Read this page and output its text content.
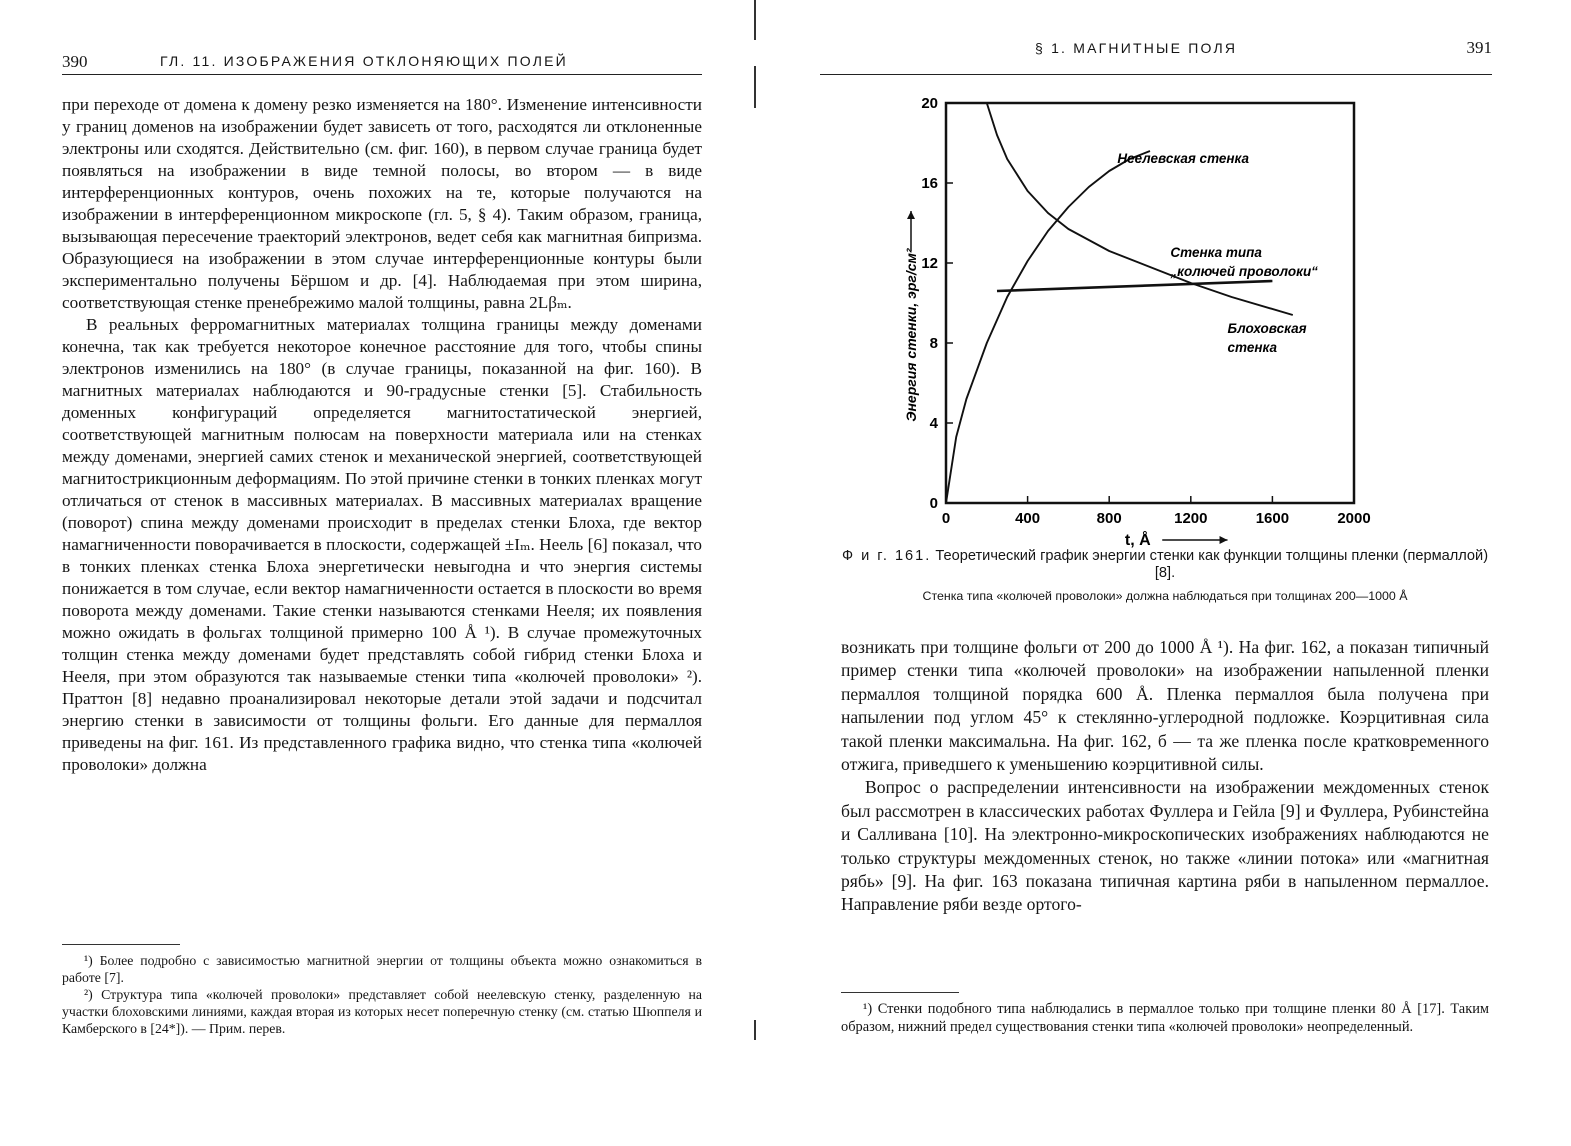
390	ГЛ. 11. ИЗОБРАЖЕНИЯ ОТКЛОНЯЮЩИХ ПОЛЕЙ

при переходе от домена к домену резко изменяется на 180°. Изменение интенсивности у границ доменов на изображении будет зависеть от того, расходятся ли отклоненные электроны или сходятся. Действительно (см. фиг. 160), в первом случае граница будет появляться на изображении в виде темной полосы, во втором — в виде интерференционных контуров, очень похожих на те, которые получаются на изображении в интерференционном микроскопе (гл. 5, § 4). Таким образом, граница, вызывающая пересечение траекторий электронов, ведет себя как магнитная бипризма. Образующиеся на изображении в этом случае интерференционные контуры были экспериментально получены Бёршом и др. [4]. Наблюдаемая при этом ширина, соответствующая стенке пренебрежимо малой толщины, равна 2Lβₘ.

В реальных ферромагнитных материалах толщина границы между доменами конечна, так как требуется некоторое конечное расстояние для того, чтобы спины электронов изменились на 180° (в случае границы, показанной на фиг. 160). В магнитных материалах наблюдаются и 90-градусные стенки [5]. Стабильность доменных конфигураций определяется магнитостатической энергией, соответствующей магнитным полюсам на поверхности материала или на стенках между доменами, энергией самих стенок и механической энергией, соответствующей магнитострикционным деформациям. По этой причине стенки в тонких пленках могут отличаться от стенок в массивных материалах. В массивных материалах вращение (поворот) спина между доменами происходит в пределах стенки Блоха, где вектор намагниченности поворачивается в плоскости, содержащей ±Iₘ. Неель [6] показал, что в тонких пленках стенка Блоха энергетически невыгодна и что энергия системы понижается в том случае, если вектор намагниченности остается в плоскости во время поворота между доменами. Такие стенки называются стенками Нееля; их появления можно ожидать в фольгах толщиной примерно 100 Å ¹). В случае промежуточных толщин стенка между доменами будет представлять собой гибрид стенки Блоха и Нееля, при этом образуются так называемые стенки типа «колючей проволоки» ²). Праттон [8] недавно проанализировал некоторые детали этой задачи и подсчитал энергию стенки в зависимости от толщины фольги. Его данные для пермаллоя приведены на фиг. 161. Из представленного графика видно, что стенка типа «колючей проволоки» должна

¹) Более подробно с зависимостью магнитной энергии от толщины объекта можно ознакомиться в работе [7].

²) Структура типа «колючей проволоки» представляет собой неелевскую стенку, разделенную на участки блоховскими линиями, каждая вторая из которых несет поперечную стенку (см. статью Шюппеля и Камберского в [24*]). — Прим. перев.

§ 1. МАГНИТНЫЕ ПОЛЯ	391
0	400	800	1200	1600	2000
0
4
8
12
16
20
t, Å
Энергия стенки, эрг/см²
Неелевская стенка
Стенка типа
„колючей проволоки“
Блоховская
стенка
Ф и г. 161. Теоретический график энергии стенки как функции толщины пленки (пермаллой) [8].
Стенка типа «колючей проволоки» должна наблюдаться при толщинах 200—1000 Å

возникать при толщине фольги от 200 до 1000 Å ¹). На фиг. 162, а показан типичный пример стенки типа «колючей проволоки» на изображении напыленной пленки пермаллоя толщиной порядка 600 Å. Пленка пермаллоя была получена при напылении под углом 45° к стеклянно-углеродной подложке. Коэрцитивная сила такой пленки максимальна. На фиг. 162, б — та же пленка после кратковременного отжига, приведшего к уменьшению коэрцитивной силы.

Вопрос о распределении интенсивности на изображении междоменных стенок был рассмотрен в классических работах Фуллера и Гейла [9] и Фуллера, Рубинстейна и Салливана [10]. На электронно-микроскопических изображениях наблюдаются не только структуры междоменных стенок, но также «линии потока» или «магнитная рябь» [9]. На фиг. 163 показана типичная картина ряби в напыленном пермаллое. Направление ряби везде ортого-

¹) Стенки подобного типа наблюдались в пермаллое только при толщине пленки 80 Å [17]. Таким образом, нижний предел существования стенки типа «колючей проволоки» неопределенный.
